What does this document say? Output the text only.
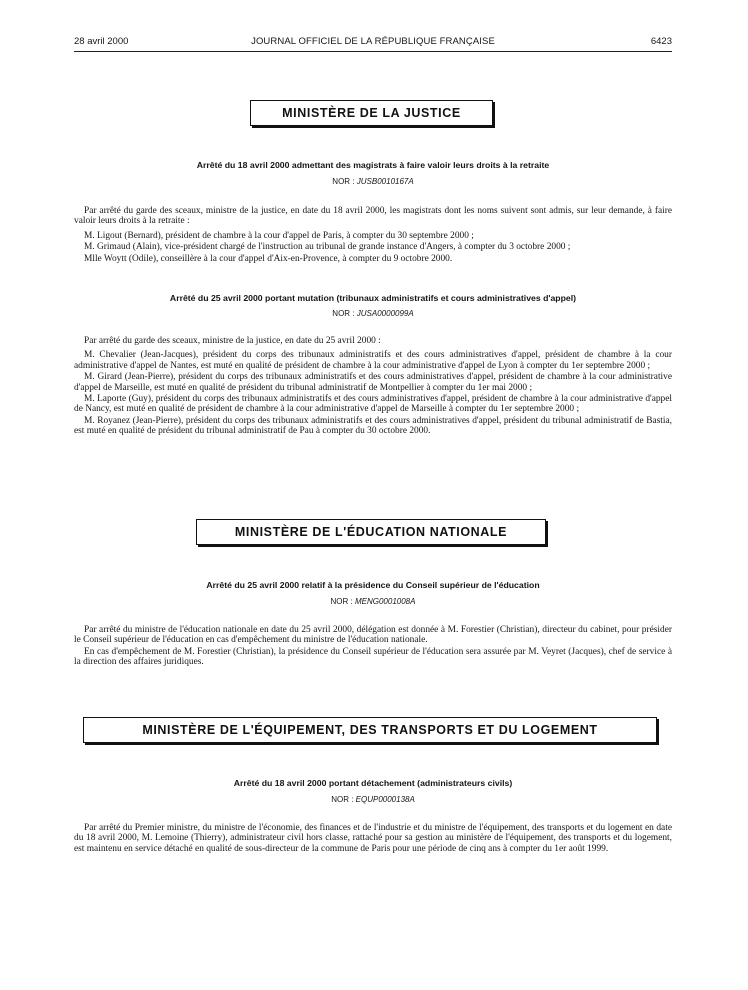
28 avril 2000	JOURNAL OFFICIEL DE LA RÉPUBLIQUE FRANÇAISE	6423
MINISTÈRE DE LA JUSTICE
Arrêté du 18 avril 2000 admettant des magistrats à faire valoir leurs droits à la retraite
NOR : JUSB0010167A

Par arrêté du garde des sceaux, ministre de la justice, en date du 18 avril 2000, les magistrats dont les noms suivent sont admis, sur leur demande, à faire valoir leurs droits à la retraite :

M. Ligout (Bernard), président de chambre à la cour d'appel de Paris, à compter du 30 septembre 2000 ;

M. Grimaud (Alain), vice-président chargé de l'instruction au tribunal de grande instance d'Angers, à compter du 3 octobre 2000 ;

Mlle Woytt (Odile), conseillère à la cour d'appel d'Aix-en-Provence, à compter du 9 octobre 2000.

Arrêté du 25 avril 2000 portant mutation (tribunaux administratifs et cours administratives d'appel)
NOR : JUSA0000099A

Par arrêté du garde des sceaux, ministre de la justice, en date du 25 avril 2000 :

M. Chevalier (Jean-Jacques), président du corps des tribunaux administratifs et des cours administratives d'appel, président de chambre à la cour administrative d'appel de Nantes, est muté en qualité de président de chambre à la cour administrative d'appel de Lyon à compter du 1er septembre 2000 ;

M. Girard (Jean-Pierre), président du corps des tribunaux administratifs et des cours administratives d'appel, président de chambre à la cour administrative d'appel de Marseille, est muté en qualité de président du tribunal administratif de Montpellier à compter du 1er mai 2000 ;

M. Laporte (Guy), président du corps des tribunaux administratifs et des cours administratives d'appel, président de chambre à la cour administrative d'appel de Nancy, est muté en qualité de président de chambre à la cour administrative d'appel de Marseille à compter du 1er septembre 2000 ;

M. Royanez (Jean-Pierre), président du corps des tribunaux administratifs et des cours administratives d'appel, président du tribunal administratif de Bastia, est muté en qualité de président du tribunal administratif de Pau à compter du 30 octobre 2000.

MINISTÈRE DE L'ÉDUCATION NATIONALE
Arrêté du 25 avril 2000 relatif à la présidence du Conseil supérieur de l'éducation
NOR : MENG0001008A

Par arrêté du ministre de l'éducation nationale en date du 25 avril 2000, délégation est donnée à M. Forestier (Christian), directeur du cabinet, pour présider le Conseil supérieur de l'éducation en cas d'empêchement du ministre de l'éducation nationale.

En cas d'empêchement de M. Forestier (Christian), la présidence du Conseil supérieur de l'éducation sera assurée par M. Veyret (Jacques), chef de service à la direction des affaires juridiques.

MINISTÈRE DE L'ÉQUIPEMENT, DES TRANSPORTS ET DU LOGEMENT
Arrêté du 18 avril 2000 portant détachement (administrateurs civils)
NOR : EQUP0000138A

Par arrêté du Premier ministre, du ministre de l'économie, des finances et de l'industrie et du ministre de l'équipement, des transports et du logement en date du 18 avril 2000, M. Lemoine (Thierry), administrateur civil hors classe, rattaché pour sa gestion au ministère de l'équipement, des transports et du logement, est maintenu en service détaché en qualité de sous-directeur de la commune de Paris pour une période de cinq ans à compter du 1er août 1999.
